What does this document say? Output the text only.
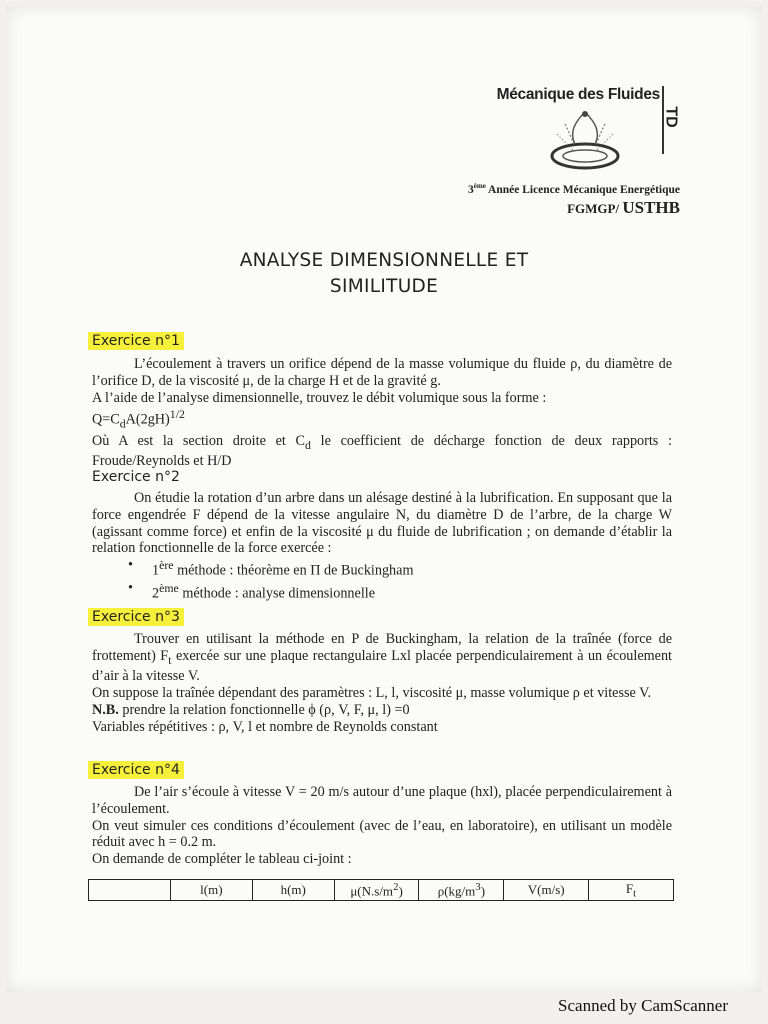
Mécanique des Fluides
TD
3ème Année Licence Mécanique Energétique
FGMGP/ USTHB
ANALYSE DIMENSIONNELLE ET
SIMILITUDE
Exercice n°1

L’écoulement à travers un orifice dépend de la masse volumique du fluide ρ, du diamètre de l’orifice D, de la viscosité μ, de la charge H et de la gravité g.

A l’aide de l’analyse dimensionnelle, trouvez le débit volumique sous la forme :

$Q=C_dA(2gH)^{1/2}$

Où A est la section droite et $C_d$ le coefficient de décharge fonction de deux rapports : Froude/Reynolds et H/D

Exercice n°2

On étudie la rotation d’un arbre dans un alésage destiné à la lubrification. En supposant que la force engendrée F dépend de la vitesse angulaire N, du diamètre D de l’arbre, de la charge W (agissant comme force) et enfin de la viscosité μ du fluide de lubrification ; on demande d’établir la relation fonctionnelle de la force exercée :

• 1ère méthode : théorème en Π de Buckingham
• 2ème méthode : analyse dimensionnelle
Exercice n°3

Trouver en utilisant la méthode en P de Buckingham, la relation de la traînée (force de frottement) $F_t$ exercée sur une plaque rectangulaire Lxl placée perpendiculairement à un écoulement d’air à la vitesse V.

On suppose la traînée dépendant des paramètres : L, l, viscosité μ, masse volumique ρ et vitesse V.

N.B. prendre la relation fonctionnelle ϕ (ρ, V, F, μ, l) =0

Variables répétitives : ρ, V, l et nombre de Reynolds constant

Exercice n°4

De l’air s’écoule à vitesse V = 20 m/s autour d’une plaque (hxl), placée perpendiculairement à l’écoulement.

On veut simuler ces conditions d’écoulement (avec de l’eau, en laboratoire), en utilisant un modèle réduit avec h = 0.2 m.

On demande de compléter le tableau ci-joint :

	l(m)	h(m)	$\mu(N.s/m^2)$	$\rho(kg/m^3)$	V(m/s)	$F_t$
Scanned by CamScanner
